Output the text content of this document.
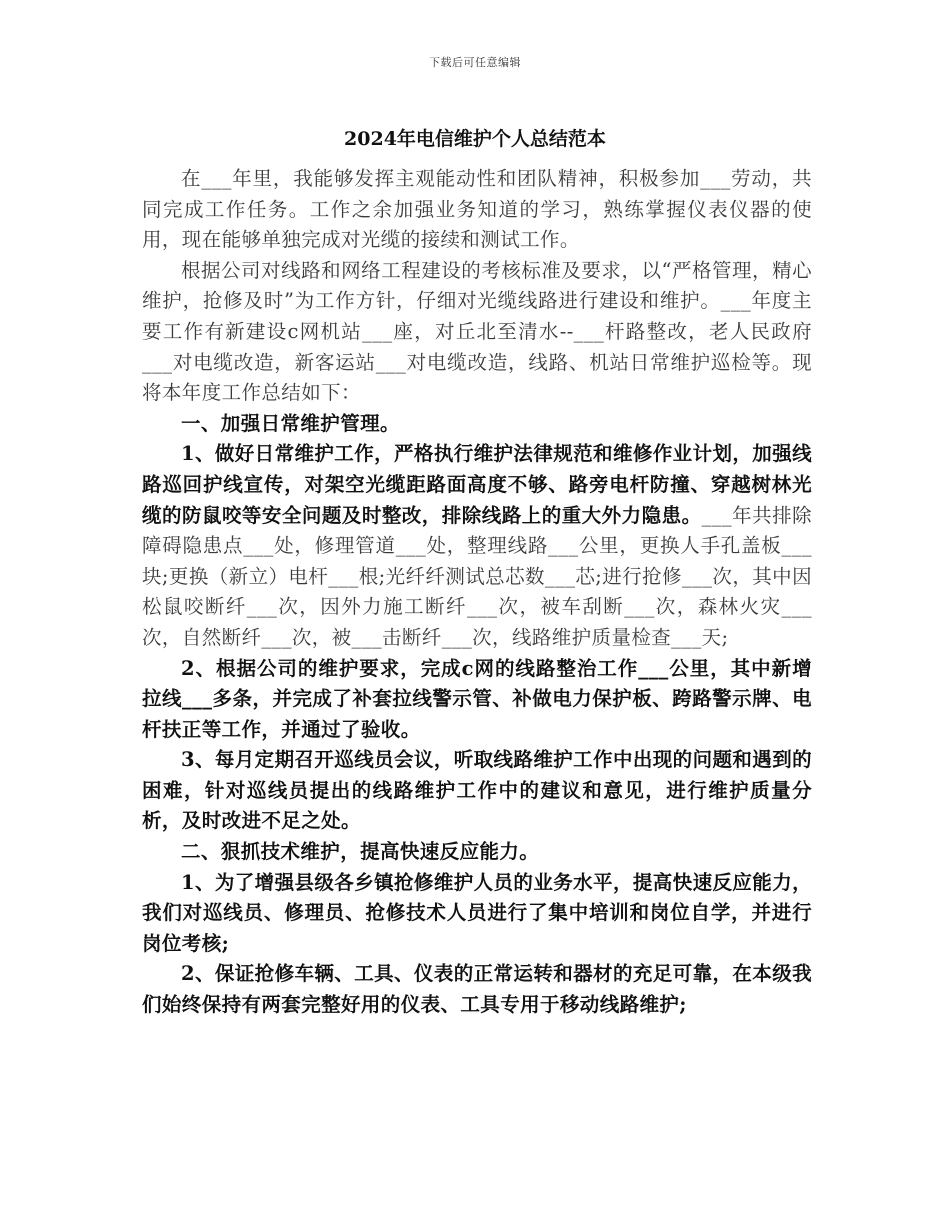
下载后可任意编辑
2024年电信维护个人总结范本

在___年里，我能够发挥主观能动性和团队精神，积极参加___劳动，共同完成工作任务。工作之余加强业务知道的学习，熟练掌握仪表仪器的使用，现在能够单独完成对光缆的接续和测试工作。

根据公司对线路和网络工程建设的考核标准及要求，以“严格管理，精心维护，抢修及时”为工作方针，仔细对光缆线路进行建设和维护。___年度主要工作有新建设c网机站___座，对丘北至清水--___杆路整改，老人民政府___对电缆改造，新客运站___对电缆改造，线路、机站日常维护巡检等。现将本年度工作总结如下：

一、加强日常维护管理。

1、做好日常维护工作，严格执行维护法律规范和维修作业计划，加强线路巡回护线宣传，对架空光缆距路面高度不够、路旁电杆防撞、穿越树林光缆的防鼠咬等安全问题及时整改，排除线路上的重大外力隐患。___年共排除障碍隐患点___处，修理管道___处，整理线路___公里，更换人手孔盖板___块;更换（新立）电杆___根;光纤纤测试总芯数___芯;进行抢修___次，其中因松鼠咬断纤___次，因外力施工断纤___次，被车刮断___次，森林火灾___次，自然断纤___次，被___击断纤___次，线路维护质量检查___天;

2、根据公司的维护要求，完成c网的线路整治工作___公里，其中新增拉线___多条，并完成了补套拉线警示管、补做电力保护板、跨路警示牌、电杆扶正等工作，并通过了验收。

3、每月定期召开巡线员会议，听取线路维护工作中出现的问题和遇到的困难，针对巡线员提出的线路维护工作中的建议和意见，进行维护质量分析，及时改进不足之处。

二、狠抓技术维护，提高快速反应能力。

1、为了增强县级各乡镇抢修维护人员的业务水平，提高快速反应能力，我们对巡线员、修理员、抢修技术人员进行了集中培训和岗位自学，并进行岗位考核;

2、保证抢修车辆、工具、仪表的正常运转和器材的充足可靠，在本级我们始终保持有两套完整好用的仪表、工具专用于移动线路维护;
